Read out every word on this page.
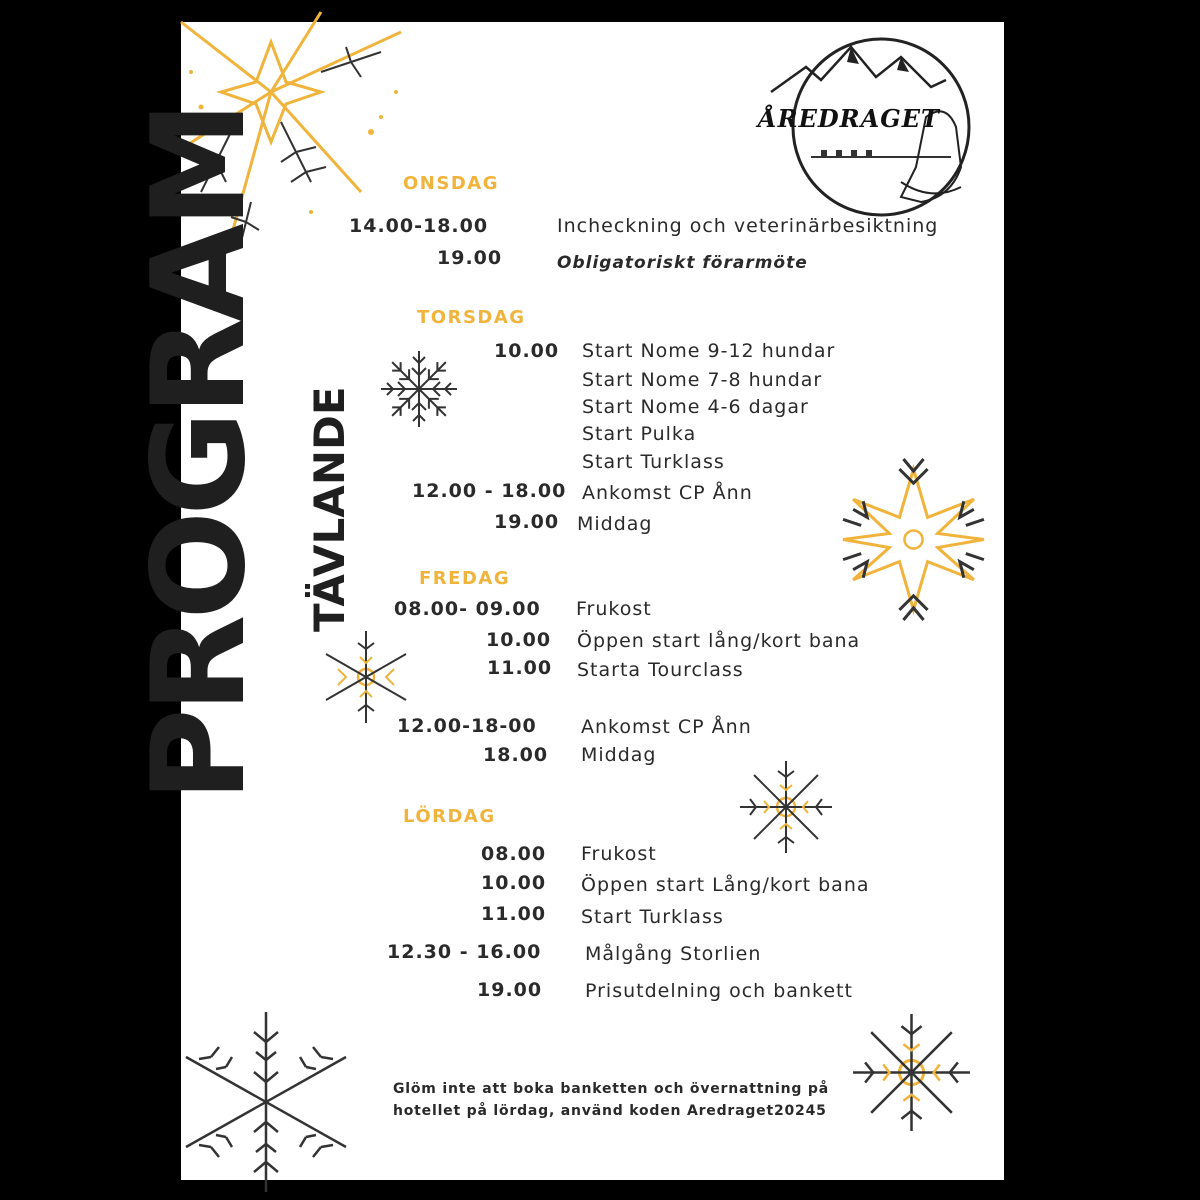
ÅREDRAGET
PROGRAM TÄVLANDE
ONSDAG
14.00-18.00	Incheckning och veterinärbesiktning
19.00	Obligatoriskt förarmöte
TORSDAG
10.00 Start Nome 9-12 hundar
Start Nome 7-8 hundar
Start Nome 4-6 dagar
Start Pulka
Start Turklass
12.00 - 18.00 Ankomst CP Ånn
19.00 Middag
FREDAG
08.00- 09.00 Frukost
10.00 Öppen start lång/kort bana
11.00 Starta Tourclass
12.00-18-00 Ankomst CP Ånn
18.00 Middag
LÖRDAG
08.00 Frukost
10.00 Öppen start Lång/kort bana
11.00 Start Turklass
12.30 - 16.00 Målgång Storlien
19.00 Prisutdelning och bankett
Glöm inte att boka banketten och övernattning på
hotellet på lördag, använd koden Aredraget20245
